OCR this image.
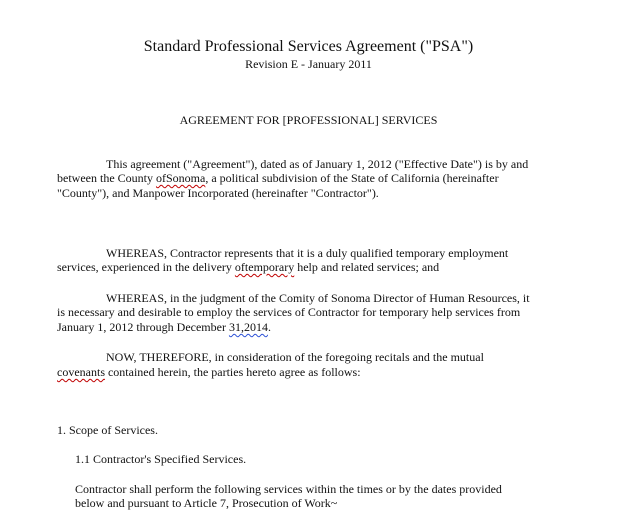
Standard Professional Services Agreement ("PSA")
Revision E - January 2011
AGREEMENT FOR [PROFESSIONAL] SERVICES
This agreement ("Agreement"), dated as of January 1, 2012 ("Effective Date") is by and
between the County ofSonoma, a political subdivision of the State of California (hereinafter
"County"), and Manpower Incorporated (hereinafter "Contractor").
WHEREAS, Contractor represents that it is a duly qualified temporary employment
services, experienced in the delivery oftemporary help and related services; and
WHEREAS, in the judgment of the Comity of Sonoma Director of Human Resources, it
is necessary and desirable to employ the services of Contractor for temporary help services from
January 1, 2012 through December 31,2014.
NOW, THEREFORE, in consideration of the foregoing recitals and the mutual
covenants contained herein, the parties hereto agree as follows:
1. Scope of Services.
1.1 Contractor's Specified Services.
Contractor shall perform the following services within the times or by the dates provided
below and pursuant to Article 7, Prosecution of Work~
